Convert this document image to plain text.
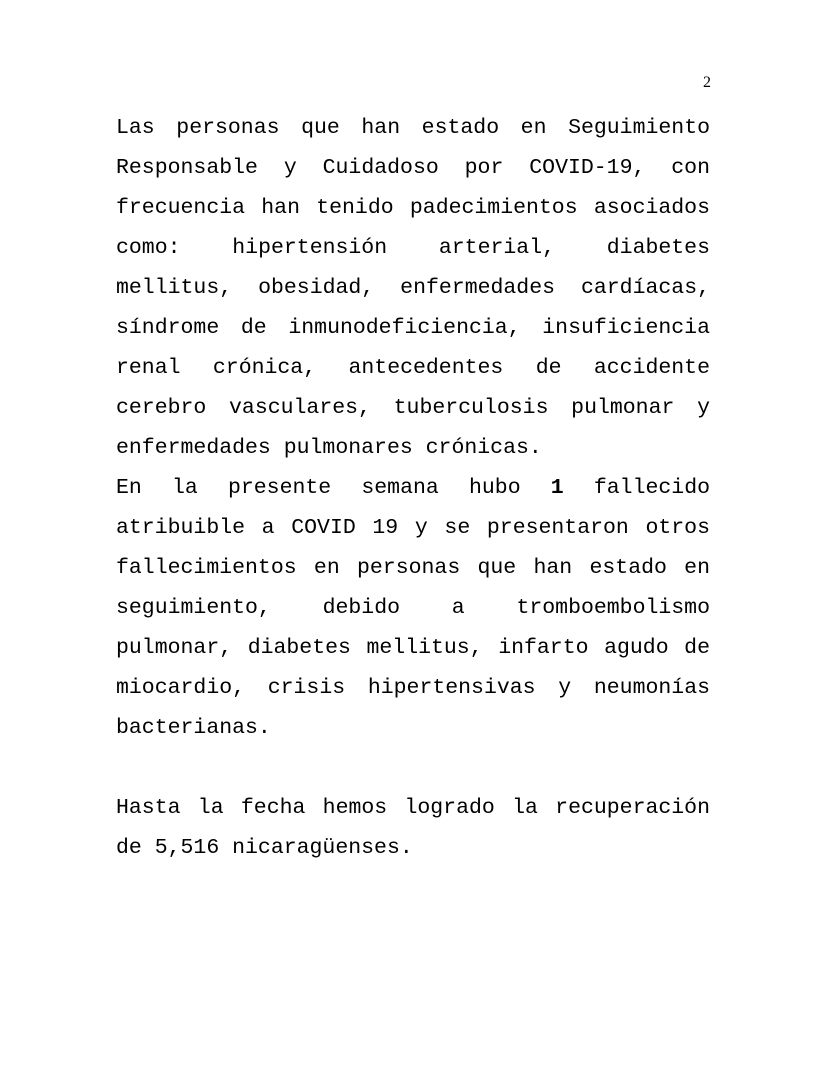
2

Las personas que han estado en Seguimiento Responsable y Cuidadoso por COVID-19, con frecuencia han tenido padecimientos asociados como: hipertensión arterial, diabetes mellitus, obesidad, enfermedades cardíacas, síndrome de inmunodeficiencia, insuficiencia renal crónica, antecedentes de accidente cerebro vasculares, tuberculosis pulmonar y enfermedades pulmonares crónicas.

En la presente semana hubo 1 fallecido atribuible a COVID 19 y se presentaron otros fallecimientos en personas que han estado en seguimiento, debido a tromboembolismo pulmonar, diabetes mellitus, infarto agudo de miocardio, crisis hipertensivas y neumonías bacterianas.

Hasta la fecha hemos logrado la recuperación de 5,516 nicaragüenses.
